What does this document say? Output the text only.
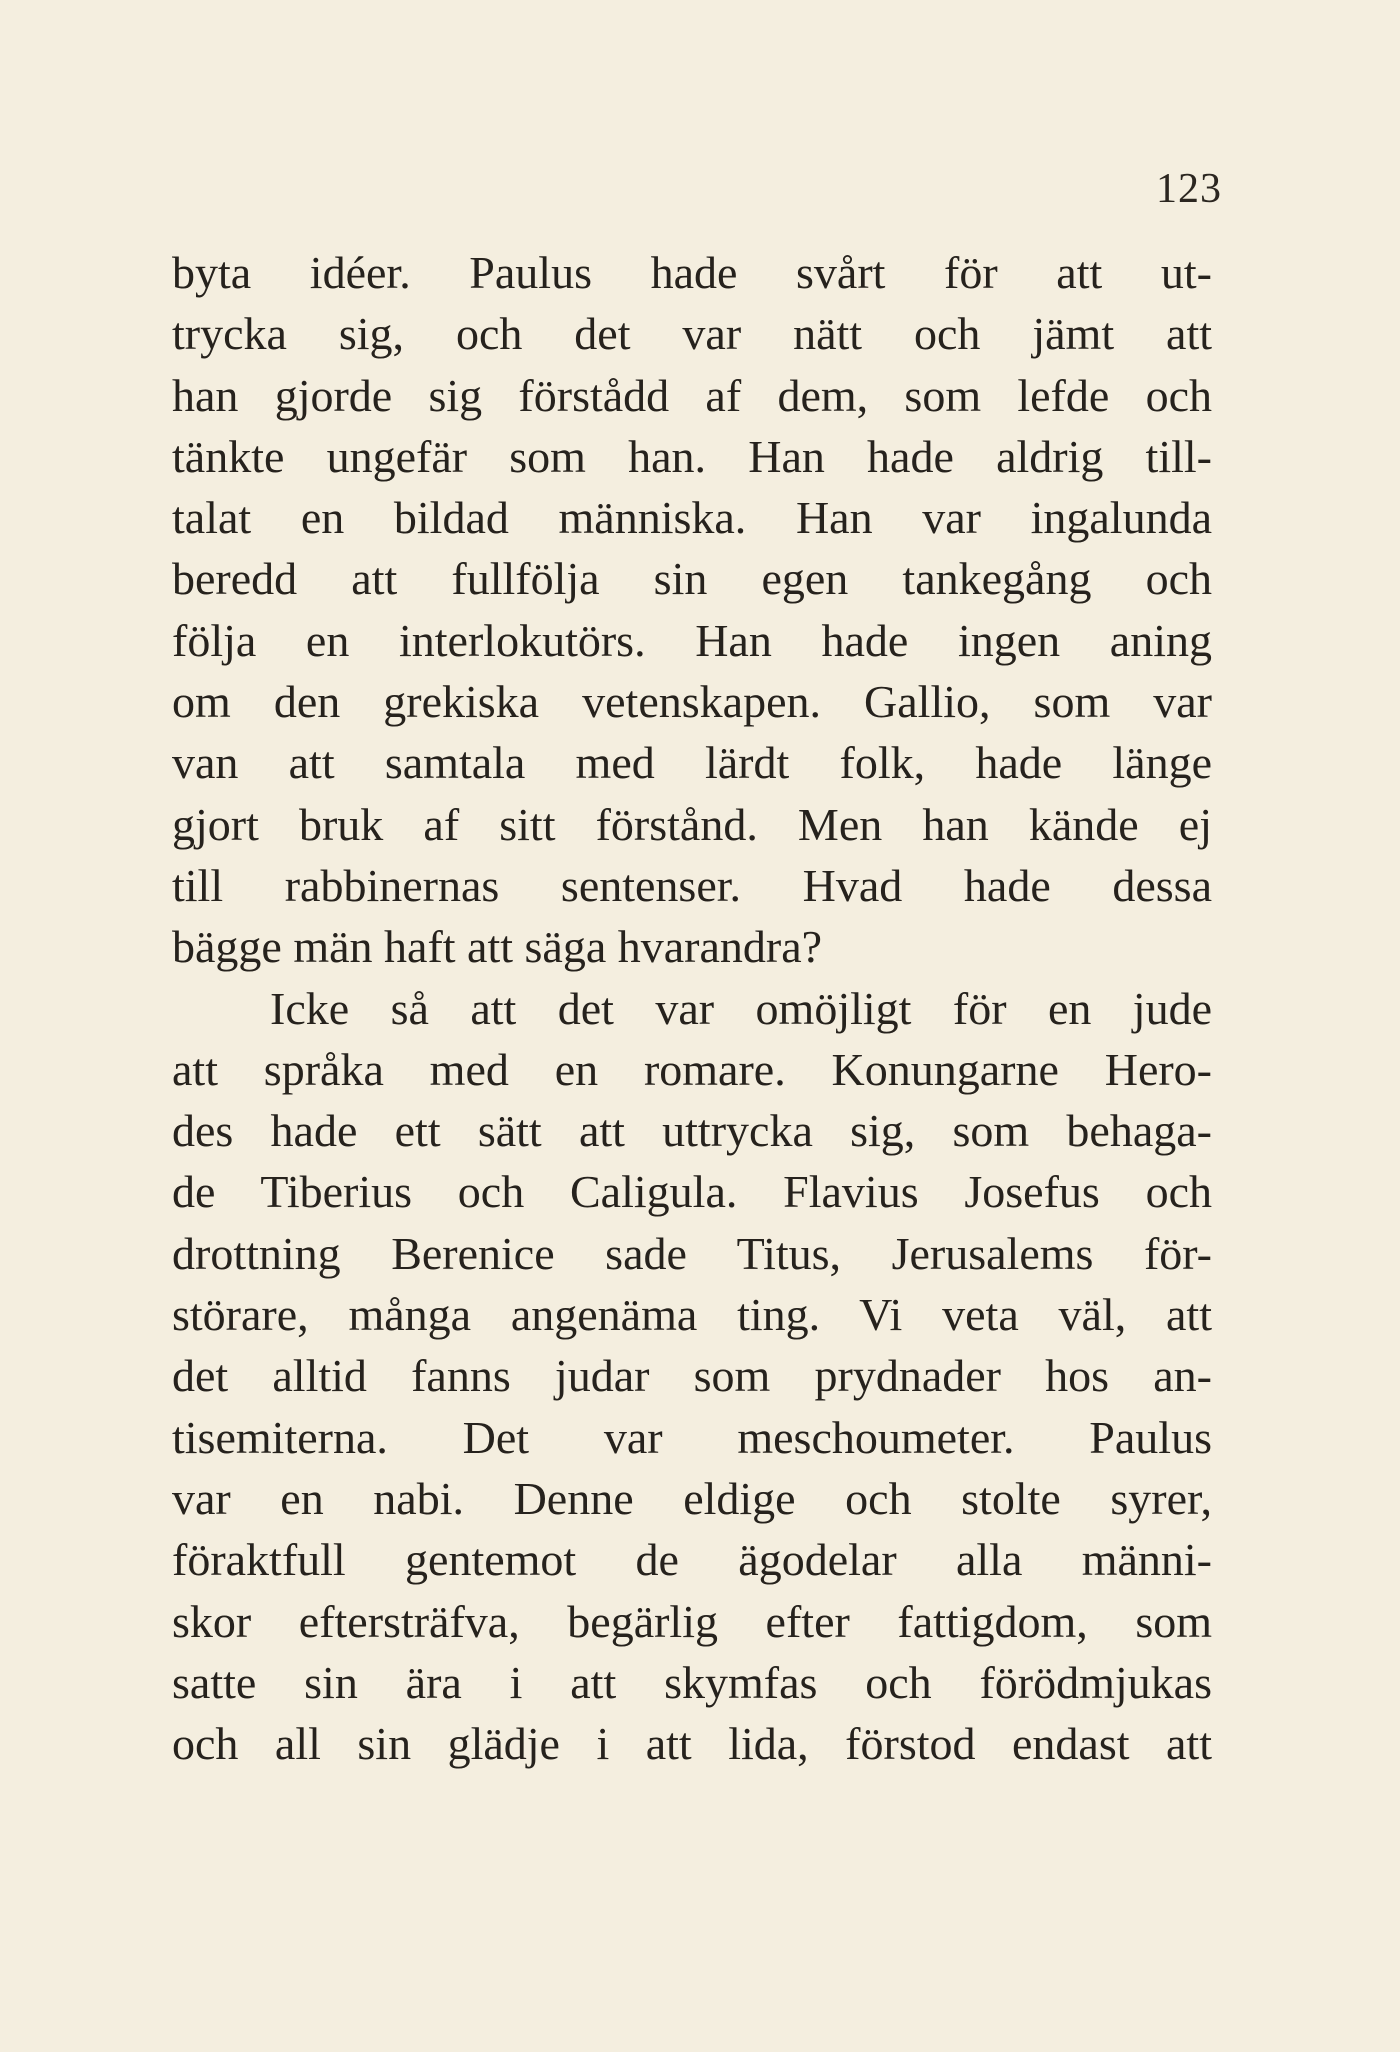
123
byta idéer. Paulus hade svårt för att ut-
trycka sig, och det var nätt och jämt att
han gjorde sig förstådd af dem, som lefde och
tänkte ungefär som han. Han hade aldrig till-
talat en bildad människa. Han var ingalunda
beredd att fullfölja sin egen tankegång och
följa en interlokutörs. Han hade ingen aning
om den grekiska vetenskapen. Gallio, som var
van att samtala med lärdt folk, hade länge
gjort bruk af sitt förstånd. Men han kände ej
till rabbinernas sentenser. Hvad hade dessa
bägge män haft att säga hvarandra?
Icke så att det var omöjligt för en jude
att språka med en romare. Konungarne Hero-
des hade ett sätt att uttrycka sig, som behaga-
de Tiberius och Caligula. Flavius Josefus och
drottning Berenice sade Titus, Jerusalems för-
störare, många angenäma ting. Vi veta väl, att
det alltid fanns judar som prydnader hos an-
tisemiterna. Det var meschoumeter. Paulus
var en nabi. Denne eldige och stolte syrer,
föraktfull gentemot de ägodelar alla männi-
skor eftersträfva, begärlig efter fattigdom, som
satte sin ära i att skymfas och förödmjukas
och all sin glädje i att lida, förstod endast att
